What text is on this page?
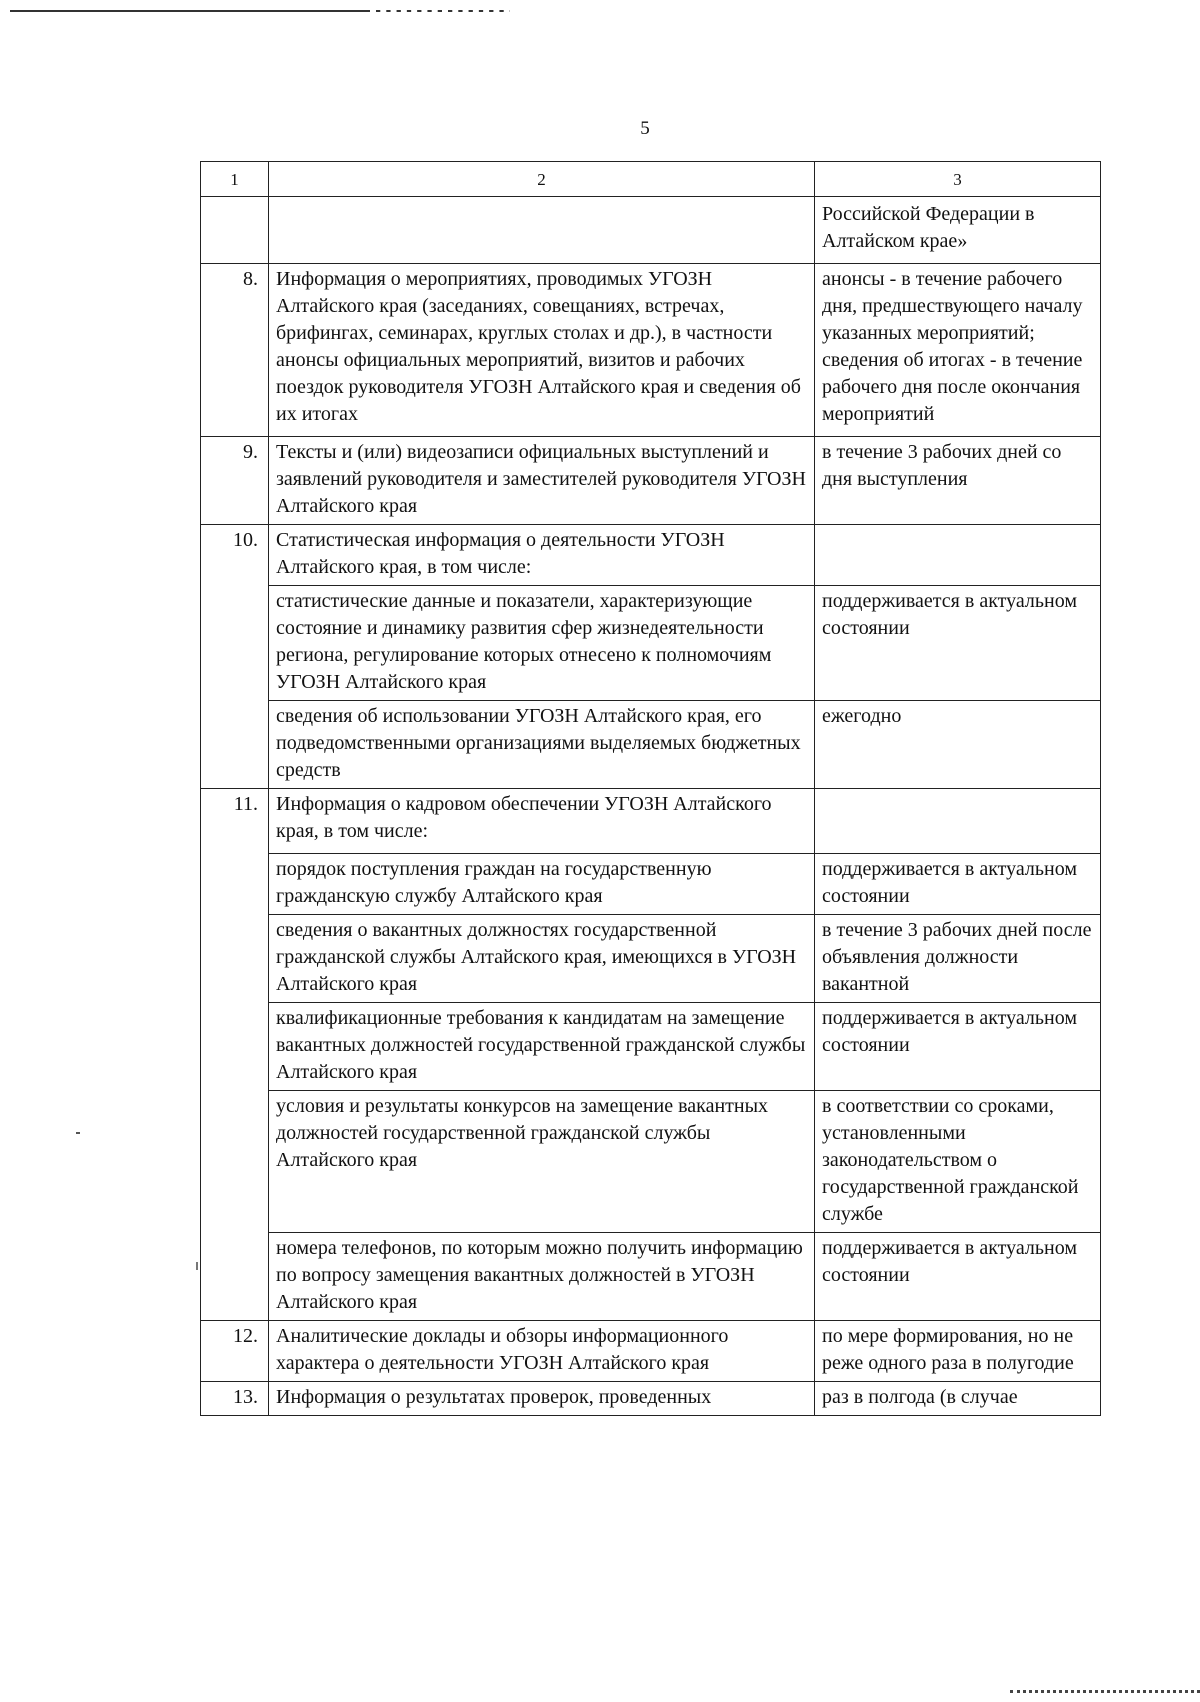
5
1	2	3
		Российской Федерации в Алтайском крае»
8.	Информация о мероприятиях, проводимых УГОЗН Алтайского края (заседаниях, совещаниях, встречах, брифингах, семинарах, круглых столах и др.), в частности анонсы официальных мероприятий, визитов и рабочих поездок руководителя УГОЗН Алтайского края и сведения об их итогах	анонсы - в течение рабочего дня, предшествующего началу указанных мероприятий; сведения об итогах - в течение рабочего дня после окончания мероприятий
9.	Тексты и (или) видеозаписи официальных выступлений и заявлений руководителя и заместителей руководителя УГОЗН Алтайского края	в течение 3 рабочих дней со дня выступления
10.	Статистическая информация о деятельности УГОЗН Алтайского края, в том числе:	
	статистические данные и показатели, характеризующие состояние и динамику развития сфер жизнедеятельности региона, регулирование которых отнесено к полномочиям УГОЗН Алтайского края	поддерживается в актуальном состоянии
	сведения об использовании УГОЗН Алтайского края, его подведомственными организациями выделяемых бюджетных средств	ежегодно
11.	Информация о кадровом обеспечении УГОЗН Алтайского края, в том числе:	
	порядок поступления граждан на государственную гражданскую службу Алтайского края	поддерживается в актуальном состоянии
	сведения о вакантных должностях государственной гражданской службы Алтайского края, имеющихся в УГОЗН Алтайского края	в течение 3 рабочих дней после объявления должности вакантной
	квалификационные требования к кандидатам на замещение вакантных должностей государственной гражданской службы Алтайского края	поддерживается в актуальном состоянии
	условия и результаты конкурсов на замещение вакантных должностей государственной гражданской службы Алтайского края	в соответствии со сроками, установленными законодательством о государственной гражданской службе
	номера телефонов, по которым можно получить информацию по вопросу замещения вакантных должностей в УГОЗН Алтайского края	поддерживается в актуальном состоянии
12.	Аналитические доклады и обзоры информационного характера о деятельности УГОЗН Алтайского края	по мере формирования, но не реже одного раза в полугодие
13.	Информация о результатах проверок, проведенных	раз в полгода (в случае
